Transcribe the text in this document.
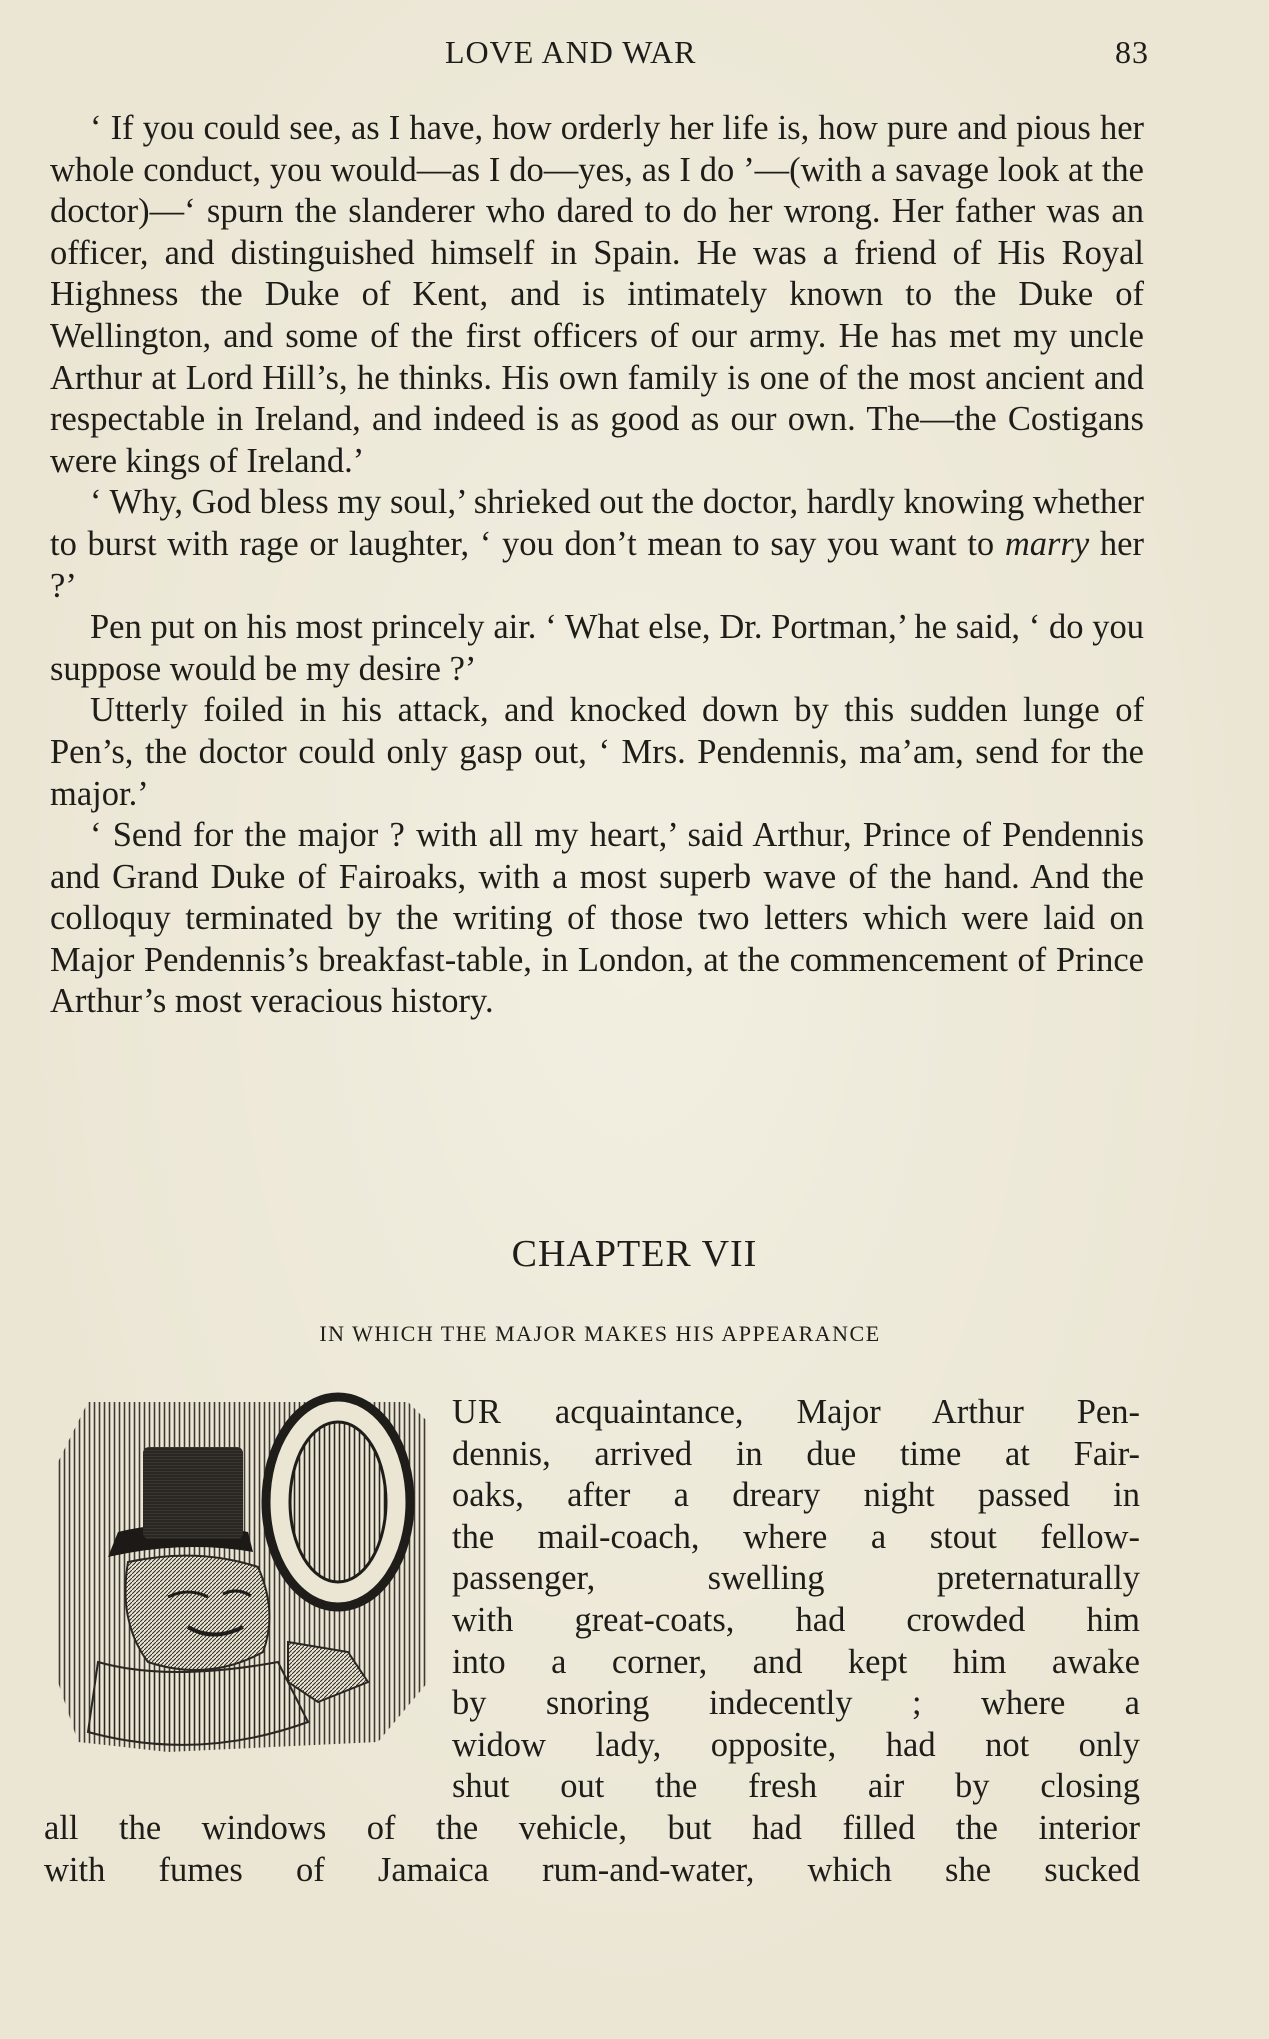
LOVE AND WAR	83

‘ If you could see, as I have, how orderly her life is, how pure and pious her whole conduct, you would—as I do—yes, as I do ’—(with a savage look at the doctor)—‘ spurn the slanderer who dared to do her wrong. Her father was an officer, and distinguished himself in Spain. He was a friend of His Royal Highness the Duke of Kent, and is intimately known to the Duke of Wellington, and some of the first officers of our army. He has met my uncle Arthur at Lord Hill’s, he thinks. His own family is one of the most ancient and respectable in Ireland, and indeed is as good as our own. The—the Costigans were kings of Ireland.’

‘ Why, God bless my soul,’ shrieked out the doctor, hardly knowing whether to burst with rage or laughter, ‘ you don’t mean to say you want to marry her ?’

Pen put on his most princely air. ‘ What else, Dr. Portman,’ he said, ‘ do you suppose would be my desire ?’

Utterly foiled in his attack, and knocked down by this sudden lunge of Pen’s, the doctor could only gasp out, ‘ Mrs. Pendennis, ma’am, send for the major.’

‘ Send for the major ? with all my heart,’ said Arthur, Prince of Pendennis and Grand Duke of Fairoaks, with a most superb wave of the hand. And the colloquy terminated by the writing of those two letters which were laid on Major Pendennis’s breakfast-table, in London, at the commencement of Prince Arthur’s most veracious history.

CHAPTER VII
IN WHICH THE MAJOR MAKES HIS APPEARANCE
UR acquaintance, Major Arthur Pen-
dennis, arrived in due time at Fair-
oaks, after a dreary night passed in
the mail-coach, where a stout fellow-
passenger, swelling preternaturally
with great-coats, had crowded him
into a corner, and kept him awake
by snoring indecently ; where a
widow lady, opposite, had not only
shut out the fresh air by closing
all the windows of the vehicle, but had filled the interior
with fumes of Jamaica rum-and-water, which she sucked
